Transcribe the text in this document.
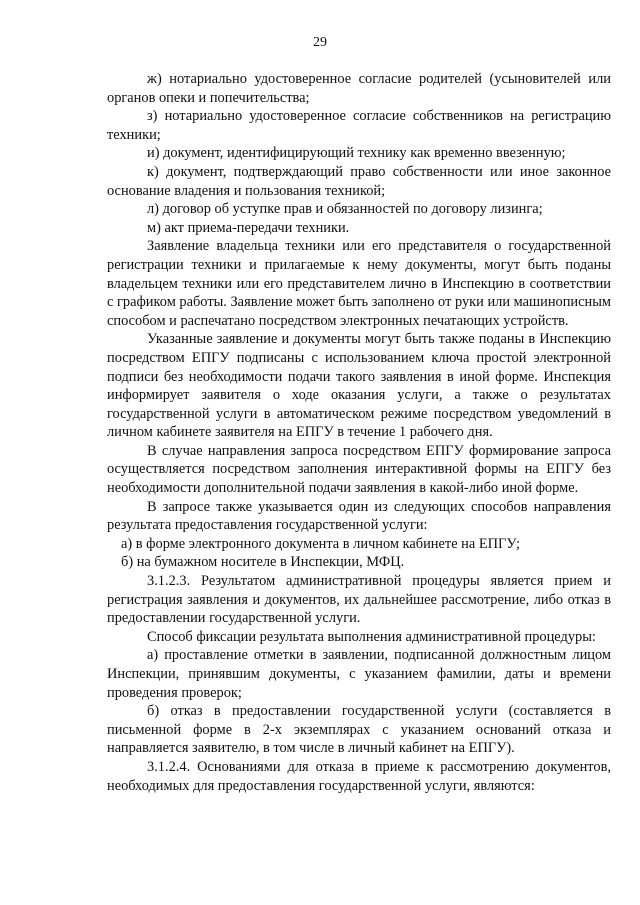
29

ж) нотариально удостоверенное согласие родителей (усыновителей или органов опеки и попечительства;

з) нотариально удостоверенное согласие собственников на регистрацию техники;

и) документ, идентифицирующий технику как временно ввезенную;

к) документ, подтверждающий право собственности или иное законное основание владения и пользования техникой;

л) договор об уступке прав и обязанностей по договору лизинга;

м) акт приема-передачи техники.

Заявление владельца техники или его представителя о государственной регистрации техники и прилагаемые к нему документы, могут быть поданы владельцем техники или его представителем лично в Инспекцию в соответствии с графиком работы. Заявление может быть заполнено от руки или машинописным способом и распечатано посредством электронных печатающих устройств.

Указанные заявление и документы могут быть также поданы в Инспекцию посредством ЕПГУ подписаны с использованием ключа простой электронной подписи без необходимости подачи такого заявления в иной форме. Инспекция информирует заявителя о ходе оказания услуги, а также о результатах государственной услуги в автоматическом режиме посредством уведомлений в личном кабинете заявителя на ЕПГУ в течение 1 рабочего дня.

В случае направления запроса посредством ЕПГУ формирование запроса осуществляется посредством заполнения интерактивной формы на ЕПГУ без необходимости дополнительной подачи заявления в какой-либо иной форме.

В запросе также указывается один из следующих способов направления результата предоставления государственной услуги:

а) в форме электронного документа в личном кабинете на ЕПГУ;

б) на бумажном носителе в Инспекции, МФЦ.

3.1.2.3. Результатом административной процедуры является прием и регистрация заявления и документов, их дальнейшее рассмотрение, либо отказ в предоставлении государственной услуги.

Способ фиксации результата выполнения административной процедуры:

а) проставление отметки в заявлении, подписанной должностным лицом Инспекции, принявшим документы, с указанием фамилии, даты и времени проведения проверок;

б) отказ в предоставлении государственной услуги (составляется в письменной форме в 2-х экземплярах с указанием оснований отказа и направляется заявителю, в том числе в личный кабинет на ЕПГУ).

3.1.2.4. Основаниями для отказа в приеме к рассмотрению документов, необходимых для предоставления государственной услуги, являются:
